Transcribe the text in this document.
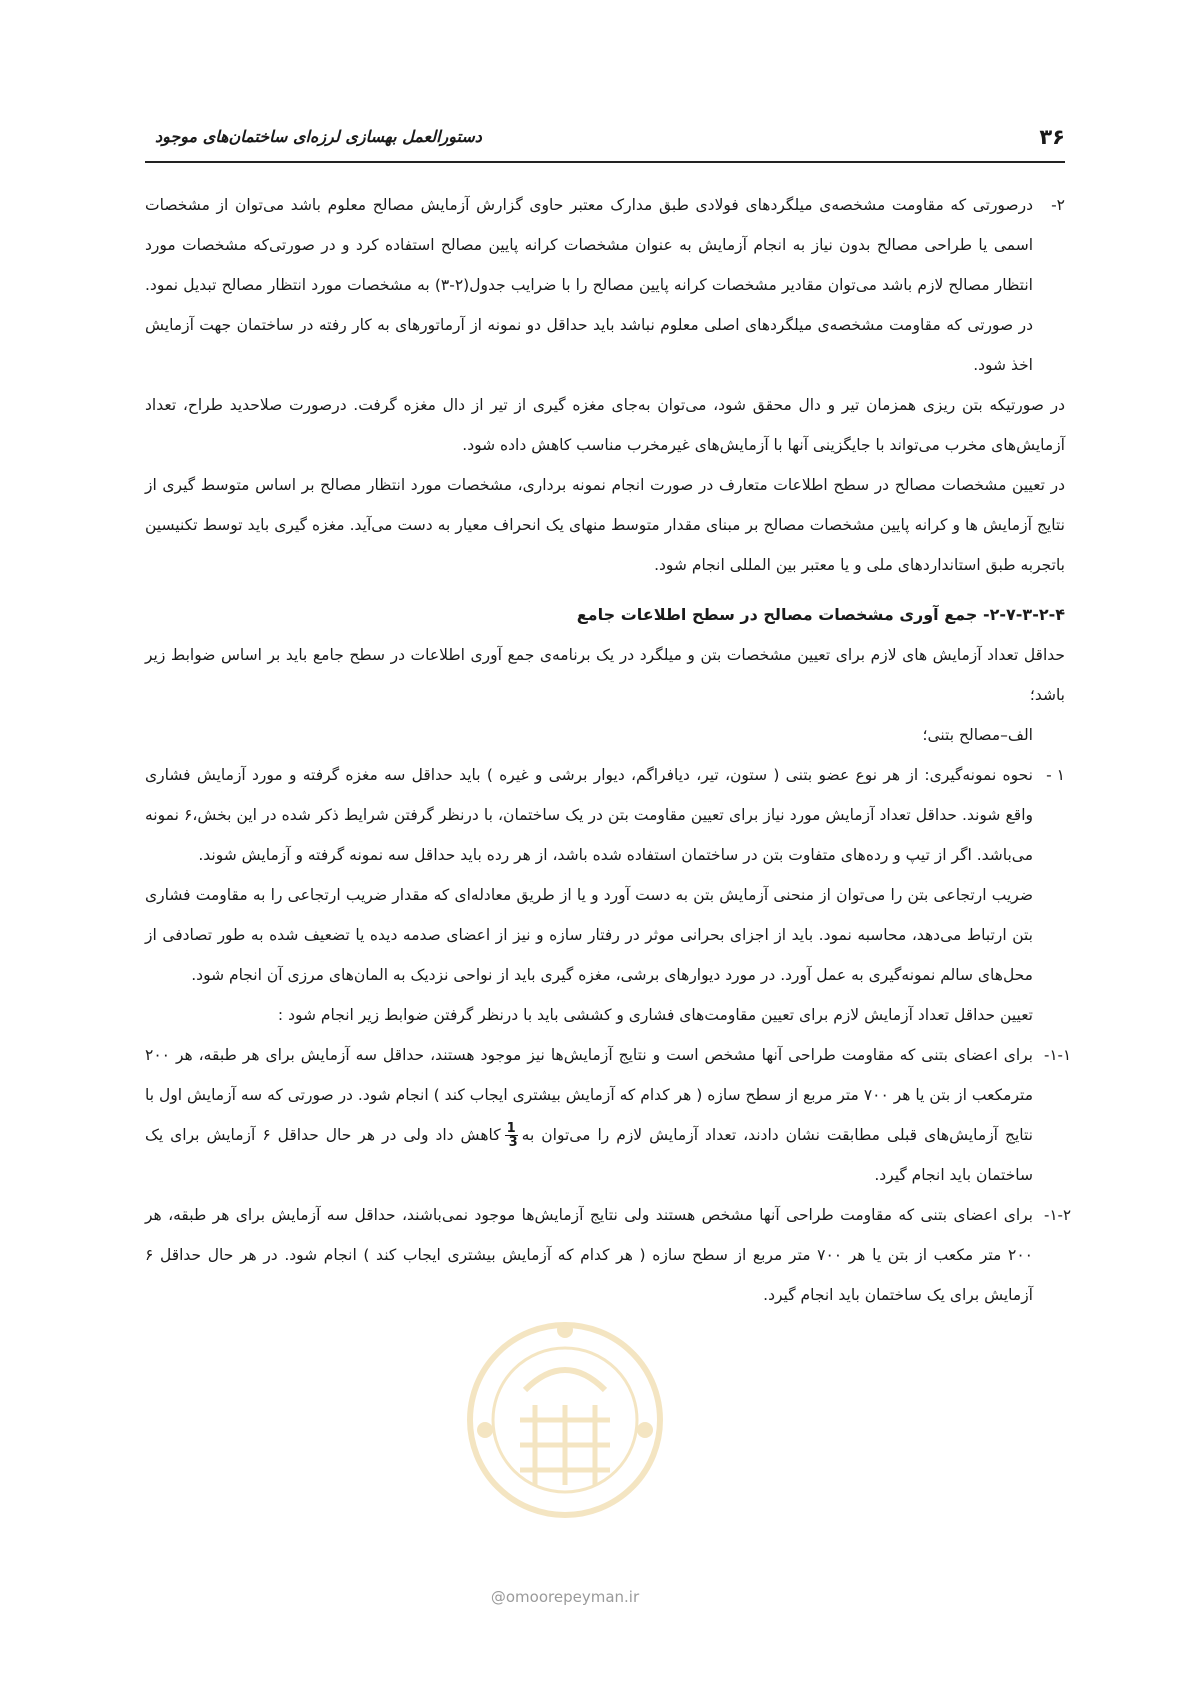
۳۶
دستورالعمل بهسازی لرزه‌ای ساختمان‌های موجود
۲-

درصورتی که مقاومت مشخصه‌ی میلگردهای فولادی طبق مدارک معتبر حاوی گزارش آزمایش مصالح معلوم باشد می‌توان از مشخصات اسمی یا طراحی مصالح بدون نیاز به انجام آزمایش به عنوان مشخصات کرانه پایین مصالح استفاده کرد و در صورتی‌که مشخصات مورد انتظار مصالح لازم باشد می‌توان مقادیر مشخصات کرانه پایین مصالح را با ضرایب جدول(۲-۳) به مشخصات مورد انتظار مصالح تبدیل نمود. در صورتی که مقاومت مشخصه‌ی میلگردهای اصلی معلوم نباشد باید حداقل دو نمونه از آرماتورهای به کار رفته در ساختمان جهت آزمایش اخذ شود.

در صورتیکه بتن ریزی همزمان تیر و دال محقق شود، می‌توان به‌جای مغزه گیری از تیر از دال مغزه گرفت. درصورت صلاحدید طراح، تعداد آزمایش‌های مخرب می‌تواند با جایگزینی آنها با آزمایش‌های غیرمخرب مناسب کاهش داده شود.

در تعیین مشخصات مصالح در سطح اطلاعات متعارف در صورت انجام نمونه برداری، مشخصات مورد انتظار مصالح بر اساس متوسط گیری از نتایج آزمایش ها و کرانه پایین مشخصات مصالح بر مبنای مقدار متوسط منهای یک انحراف معیار به دست می‌آید. مغزه گیری باید توسط تکنیسین باتجربه طبق استانداردهای ملی و یا معتبر بین المللی انجام شود.

۲-۷-۳-۲-۴- جمع آوری مشخصات مصالح در سطح اطلاعات جامع

حداقل تعداد آزمایش های لازم برای تعیین مشخصات بتن و میلگرد در یک برنامه‌ی جمع آوری اطلاعات در سطح جامع باید بر اساس ضوابط زیر باشد؛

الف–مصالح بتنی؛

۱ -

نحوه نمونه‌گیری: از هر نوع عضو بتنی ( ستون، تیر، دیافراگم، دیوار برشی و غیره ) باید حداقل سه مغزه گرفته و مورد آزمایش فشاری واقع شوند. حداقل تعداد آزمایش مورد نیاز برای تعیین مقاومت بتن در یک ساختمان، با درنظر گرفتن شرایط ذکر شده در این بخش،۶ نمونه می‌باشد. اگر از تیپ و رده‌های متفاوت بتن در ساختمان استفاده شده باشد، از هر رده باید حداقل سه نمونه گرفته و آزمایش شوند.

ضریب ارتجاعی بتن را می‌توان از منحنی آزمایش بتن به دست آورد و یا از طریق معادله‌ای که مقدار ضریب ارتجاعی را به مقاومت فشاری بتن ارتباط می‌دهد، محاسبه نمود. باید از اجزای بحرانی موثر در رفتار سازه و نیز از اعضای صدمه دیده یا تضعیف شده به طور تصادفی از محل‌های سالم نمونه‌گیری به عمل آورد. در مورد دیوارهای برشی، مغزه گیری باید از نواحی نزدیک به المان‌های مرزی آن انجام شود.

تعیین حداقل تعداد آزمایش لازم برای تعیین مقاومت‌های فشاری و کششی باید با درنظر گرفتن ضوابط زیر انجام شود :

۱-۱-

برای اعضای بتنی که مقاومت طراحی آنها مشخص است و نتایج آزمایش‌ها نیز موجود هستند، حداقل سه آزمایش برای هر طبقه، هر ۲۰۰ مترمکعب از بتن یا هر ۷۰۰ متر مربع از سطح سازه ( هر کدام که آزمایش بیشتری ایجاب کند ) انجام شود. در صورتی که سه آزمایش اول با نتایج آزمایش‌های قبلی مطابقت نشان دادند، تعداد آزمایش لازم را می‌توان به
$\frac{1}{3}$
کاهش داد ولی در هر حال حداقل ۶ آزمایش برای یک ساختمان باید انجام گیرد.

۱-۲-

برای اعضای بتنی که مقاومت طراحی آنها مشخص هستند ولی نتایج آزمایش‌ها موجود نمی‌باشند، حداقل سه آزمایش برای هر طبقه، هر ۲۰۰ متر مکعب از بتن یا هر ۷۰۰ متر مربع از سطح سازه ( هر کدام که آزمایش بیشتری ایجاب کند ) انجام شود. در هر حال حداقل ۶ آزمایش برای یک ساختمان باید انجام گیرد.

@omoorepeyman.ir
